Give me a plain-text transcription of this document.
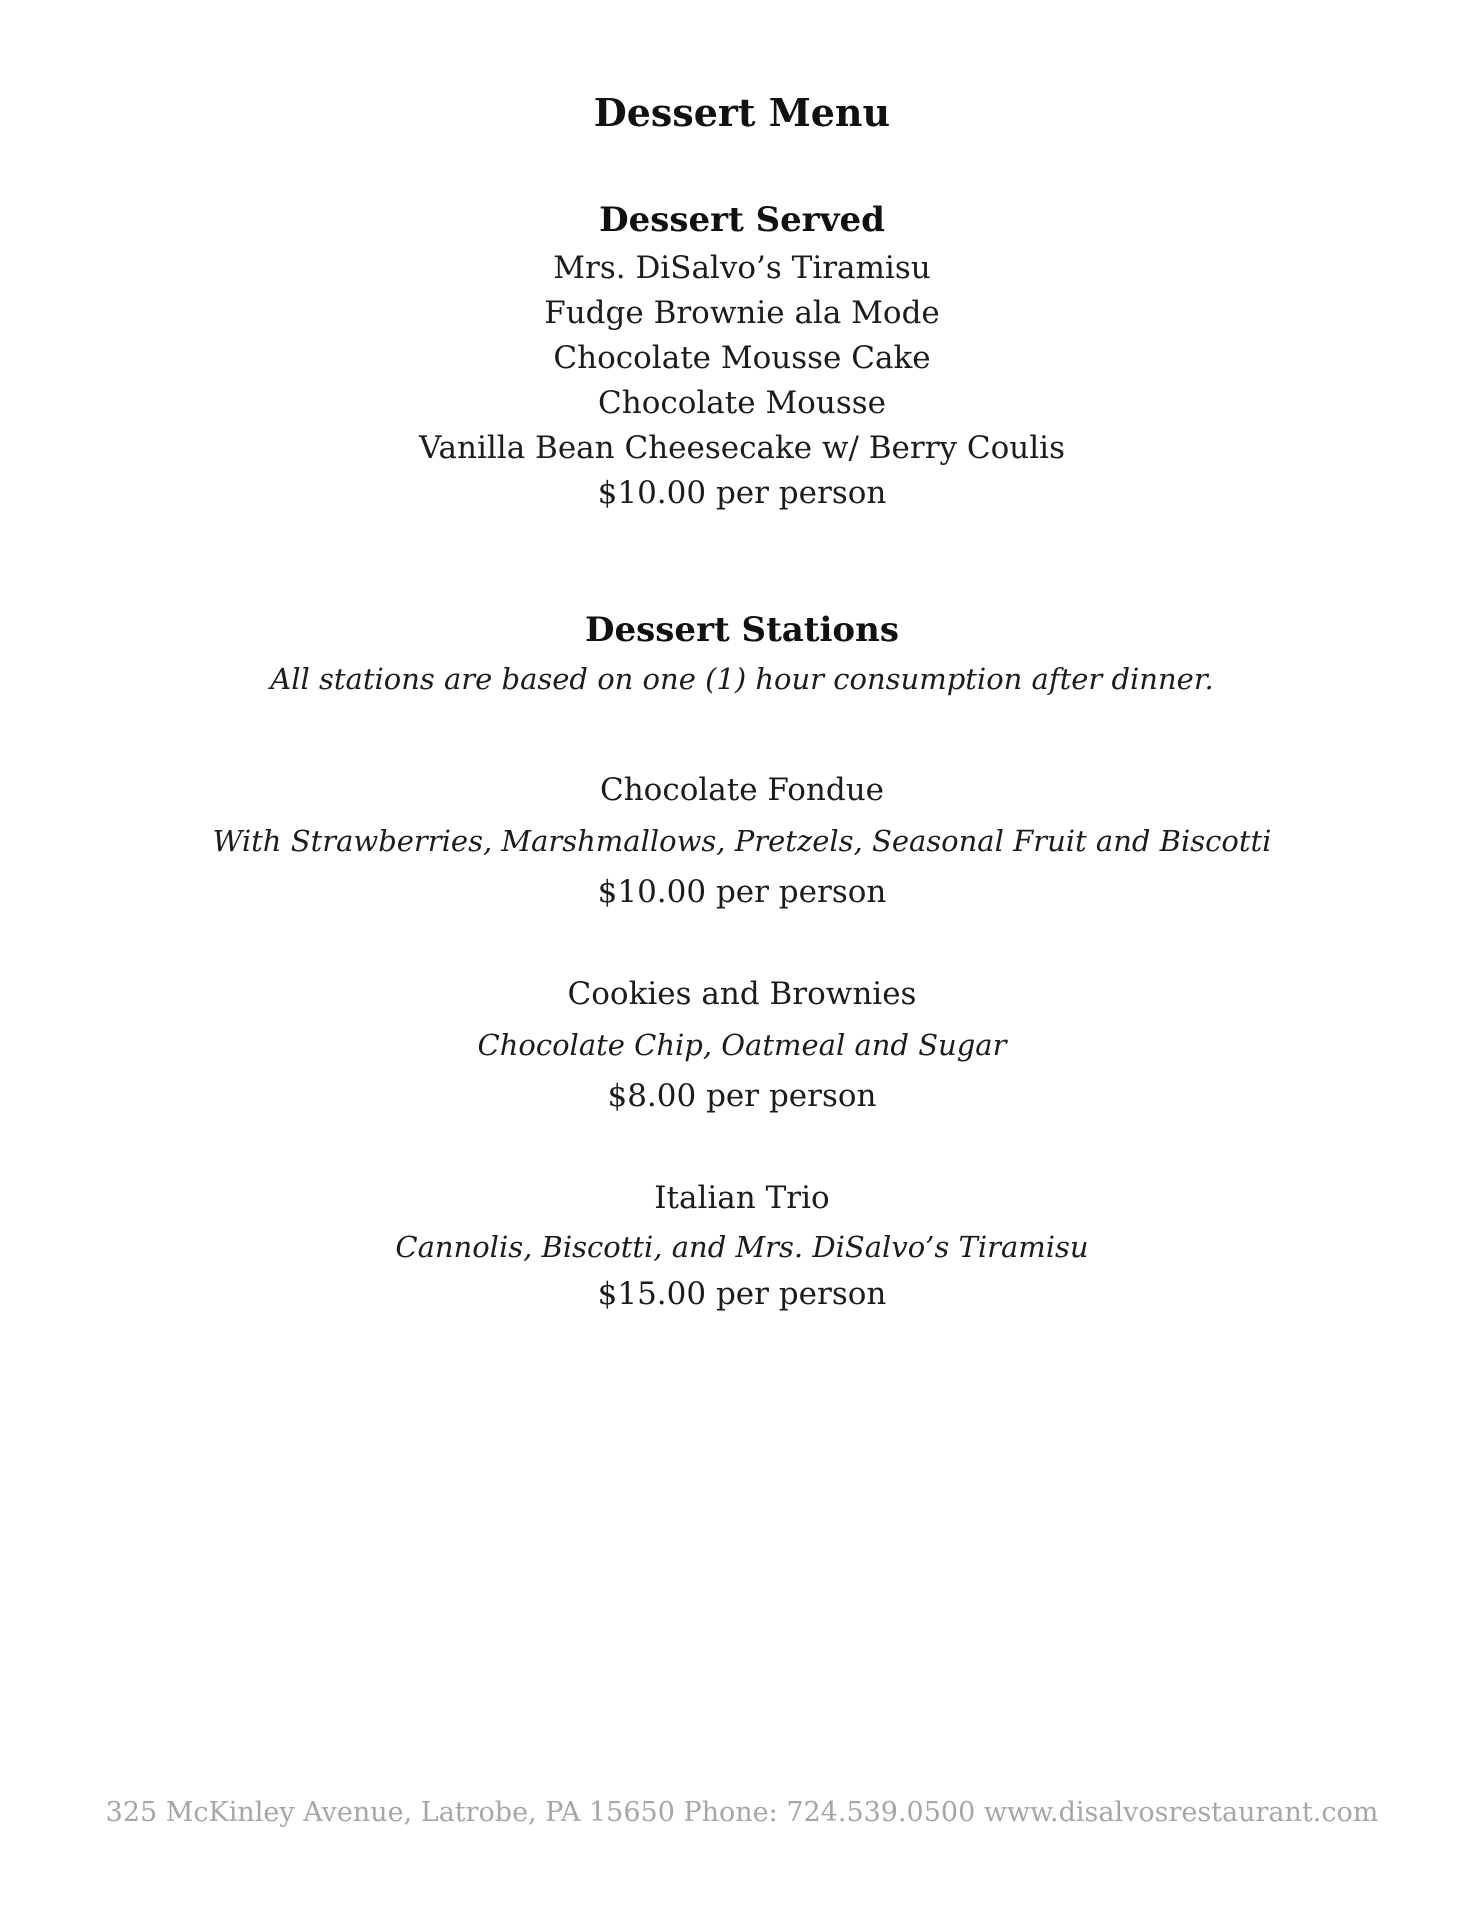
Dessert Menu
Dessert Served
Mrs. DiSalvo’s Tiramisu
Fudge Brownie ala Mode
Chocolate Mousse Cake
Chocolate Mousse
Vanilla Bean Cheesecake w/ Berry Coulis
$10.00 per person
Dessert Stations
All stations are based on one (1) hour consumption after dinner.
Chocolate Fondue
With Strawberries, Marshmallows, Pretzels, Seasonal Fruit and Biscotti
$10.00 per person
Cookies and Brownies
Chocolate Chip, Oatmeal and Sugar
$8.00 per person
Italian Trio
Cannolis, Biscotti, and Mrs. DiSalvo’s Tiramisu
$15.00 per person
325 McKinley Avenue, Latrobe, PA 15650 Phone: 724.539.0500 www.disalvosrestaurant.com
